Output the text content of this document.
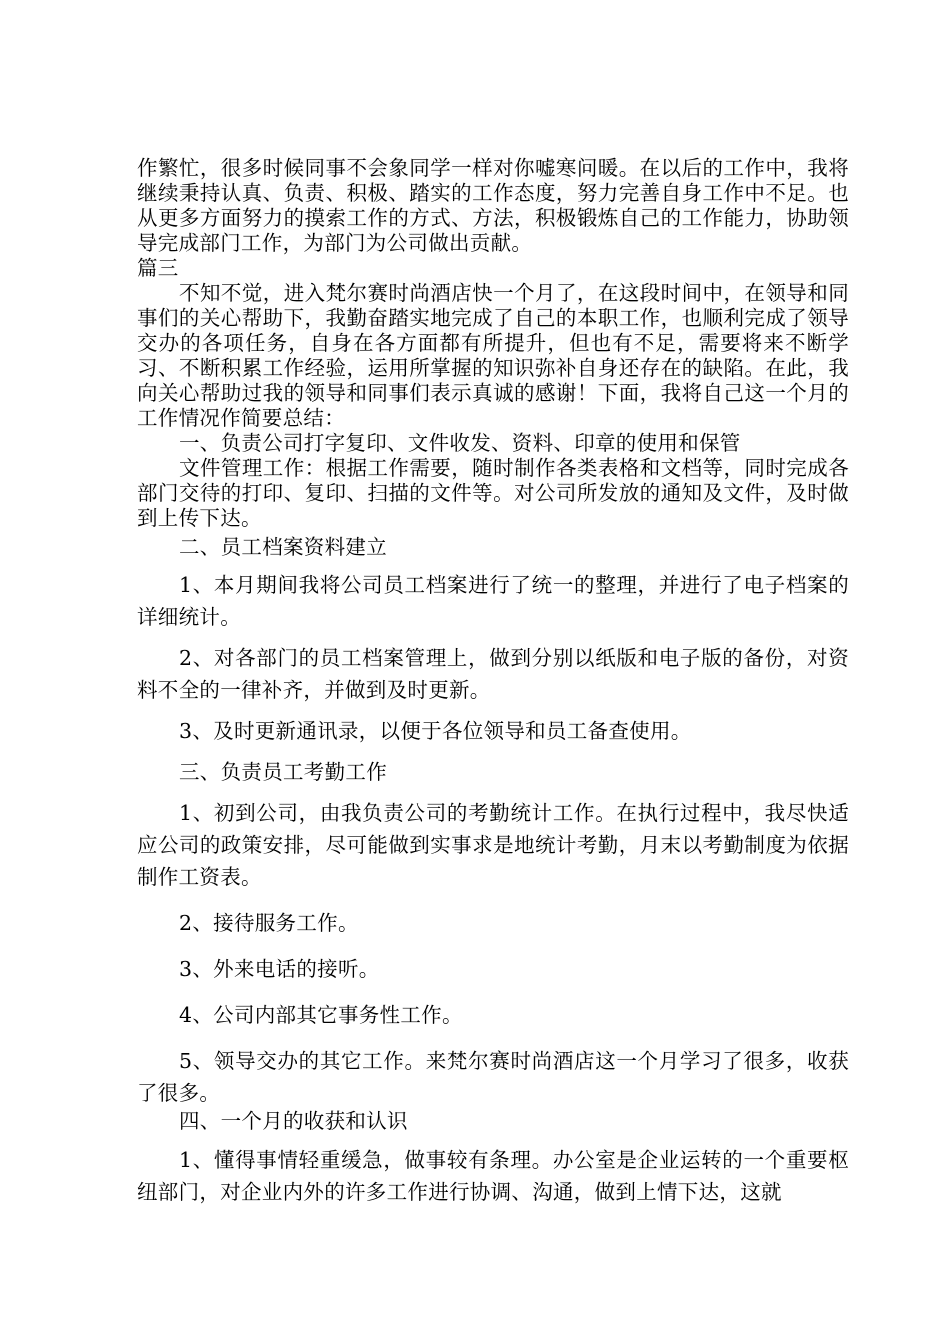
作繁忙，很多时候同事不会象同学一样对你嘘寒问暖。在以后的工作中，我将继续秉持认真、负责、积极、踏实的工作态度，努力完善自身工作中不足。也从更多方面努力的摸索工作的方式、方法，积极锻炼自己的工作能力，协助领导完成部门工作，为部门为公司做出贡献。

篇三

不知不觉，进入梵尔赛时尚酒店快一个月了，在这段时间中，在领导和同事们的关心帮助下，我勤奋踏实地完成了自己的本职工作，也顺利完成了领导交办的各项任务，自身在各方面都有所提升，但也有不足，需要将来不断学习、不断积累工作经验，运用所掌握的知识弥补自身还存在的缺陷。在此，我向关心帮助过我的领导和同事们表示真诚的感谢！下面，我将自己这一个月的工作情况作简要总结：

一、负责公司打字复印、文件收发、资料、印章的使用和保管

文件管理工作：根据工作需要，随时制作各类表格和文档等，同时完成各部门交待的打印、复印、扫描的文件等。对公司所发放的通知及文件，及时做到上传下达。

二、员工档案资料建立

1、本月期间我将公司员工档案进行了统一的整理，并进行了电子档案的详细统计。

2、对各部门的员工档案管理上，做到分别以纸版和电子版的备份，对资料不全的一律补齐，并做到及时更新。

3、及时更新通讯录，以便于各位领导和员工备查使用。

三、负责员工考勤工作

1、初到公司，由我负责公司的考勤统计工作。在执行过程中，我尽快适应公司的政策安排，尽可能做到实事求是地统计考勤，月末以考勤制度为依据制作工资表。

2、接待服务工作。

3、外来电话的接听。

4、公司内部其它事务性工作。

5、领导交办的其它工作。来梵尔赛时尚酒店这一个月学习了很多，收获了很多。

四、一个月的收获和认识

1、懂得事情轻重缓急，做事较有条理。办公室是企业运转的一个重要枢纽部门，对企业内外的许多工作进行协调、沟通，做到上情下达，这就
